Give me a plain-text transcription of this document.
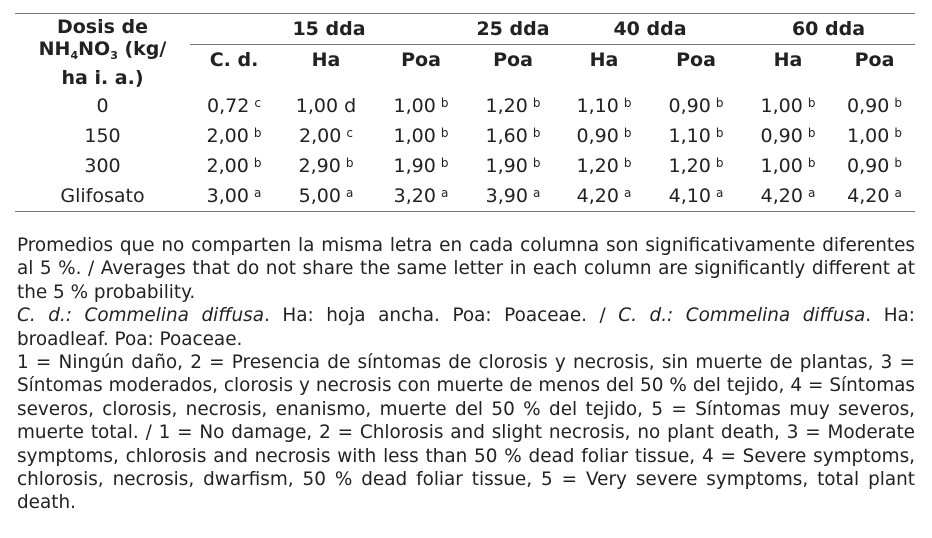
Dosis de
$NH_4NO_3$ (kg/
ha i. a.)	15 dda			25 dda	40 dda		60 dda	
	C. d.	Ha	Poa	Poa	Ha	Poa	Ha	Poa

0	0,72 $^c$	1,00 d	1,00 $^b$	1,20 $^b$	1,10 $^b$	0,90 $^b$	1,00 $^b$	0,90 $^b$
150	2,00 $^b$	2,00 $^c$	1,00 $^b$	1,60 $^b$	0,90 $^b$	1,10 $^b$	0,90 $^b$	1,00 $^b$
300	2,00 $^b$	2,90 $^b$	1,90 $^b$	1,90 $^b$	1,20 $^b$	1,20 $^b$	1,00 $^b$	0,90 $^b$
Glifosato	3,00 $^a$	5,00 $^a$	3,20 $^a$	3,90 $^a$	4,20 $^a$	4,10 $^a$	4,20 $^a$	4,20 $^a$

Promedios que no comparten la misma letra en cada columna son significativamente diferentes al 5 %. / Averages that do not share the same letter in each column are significantly different at the 5 % probability.

C. d.: Commelina diffusa. Ha: hoja ancha. Poa: Poaceae. / C. d.: Commelina diffusa. Ha: broadleaf. Poa: Poaceae.

1 = Ningún daño, 2 = Presencia de síntomas de clorosis y necrosis, sin muerte de plantas, 3 = Síntomas moderados, clorosis y necrosis con muerte de menos del 50 % del tejido, 4 = Síntomas severos, clorosis, necrosis, enanismo, muerte del 50 % del tejido, 5 = Síntomas muy severos, muerte total. / 1 = No damage, 2 = Chlorosis and slight necrosis, no plant death, 3 = Moderate symptoms, chlorosis and necrosis with less than 50 % dead foliar tissue, 4 = Severe symptoms, chlorosis, necrosis, dwarfism, 50 % dead foliar tissue, 5 = Very severe symptoms, total plant death.
